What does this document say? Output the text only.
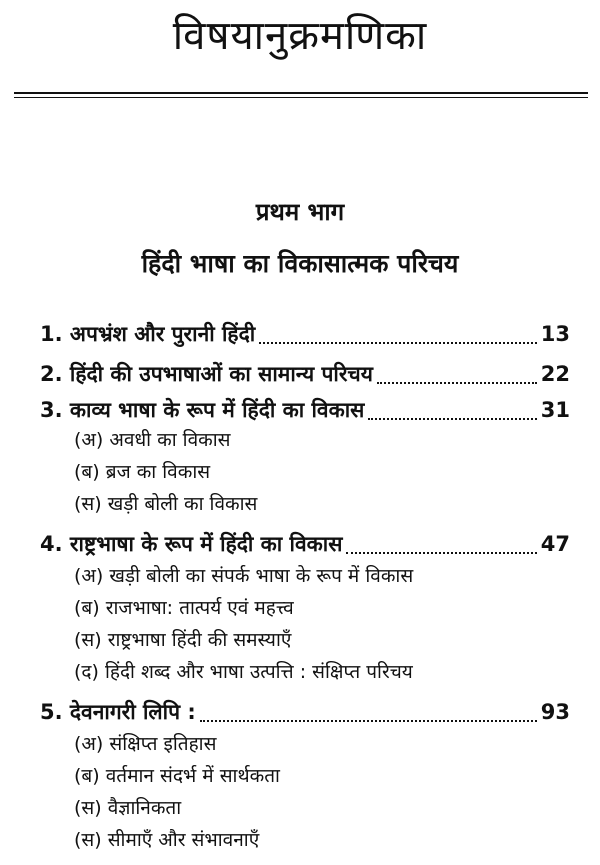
विषयानुक्रमणिका
प्रथम भाग
हिंदी भाषा का विकासात्मक परिचय
1.
अपभ्रंश और पुरानी हिंदी	13
2.
हिंदी की उपभाषाओं का सामान्य परिचय	22
3.
काव्य भाषा के रूप में हिंदी का विकास	31
(अ) अवधी का विकास
(ब) ब्रज का विकास
(स) खड़ी बोली का विकास
4.
राष्ट्रभाषा के रूप में हिंदी का विकास	47
(अ) खड़ी बोली का संपर्क भाषा के रूप में विकास
(ब) राजभाषा: तात्पर्य एवं महत्त्व
(स) राष्ट्रभाषा हिंदी की समस्याएँ
(द) हिंदी शब्द और भाषा उत्पत्ति : संक्षिप्त परिचय
5.
देवनागरी लिपि :	93
(अ) संक्षिप्त इतिहास
(ब) वर्तमान संदर्भ में सार्थकता
(स) वैज्ञानिकता
(स) सीमाएँ और संभावनाएँ
